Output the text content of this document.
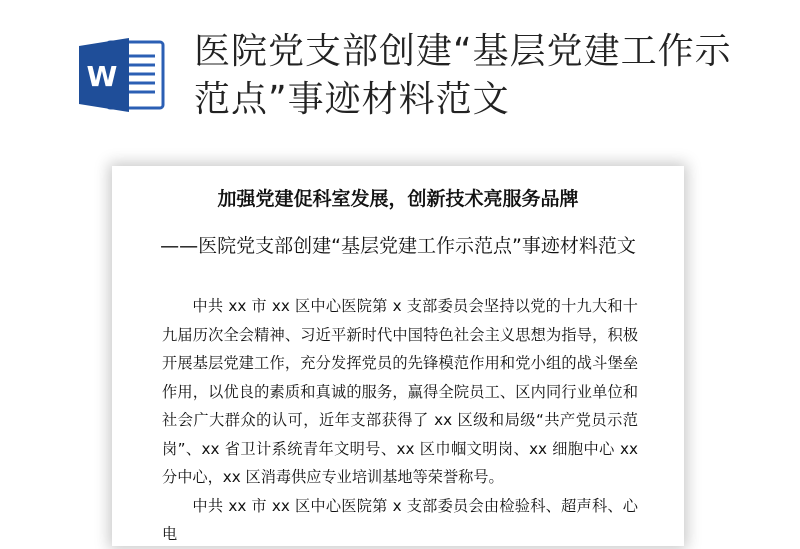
W
医院党支部创建“基层党建工作示范点”事迹材料范文
加强党建促科室发展，创新技术亮服务品牌
——医院党支部创建“基层党建工作示范点”事迹材料范文

中共 xx 市 xx 区中心医院第 x 支部委员会坚持以党的十九大和十九届历次全会精神、习近平新时代中国特色社会主义思想为指导，积极开展基层党建工作，充分发挥党员的先锋模范作用和党小组的战斗堡垒作用，以优良的素质和真诚的服务，赢得全院员工、区内同行业单位和社会广大群众的认可，近年支部获得了 xx 区级和局级“共产党员示范岗”、xx 省卫计系统青年文明号、xx 区巾帼文明岗、xx 细胞中心 xx 分中心，xx 区消毒供应专业培训基地等荣誉称号。

中共 xx 市 xx 区中心医院第 x 支部委员会由检验科、超声科、心电
